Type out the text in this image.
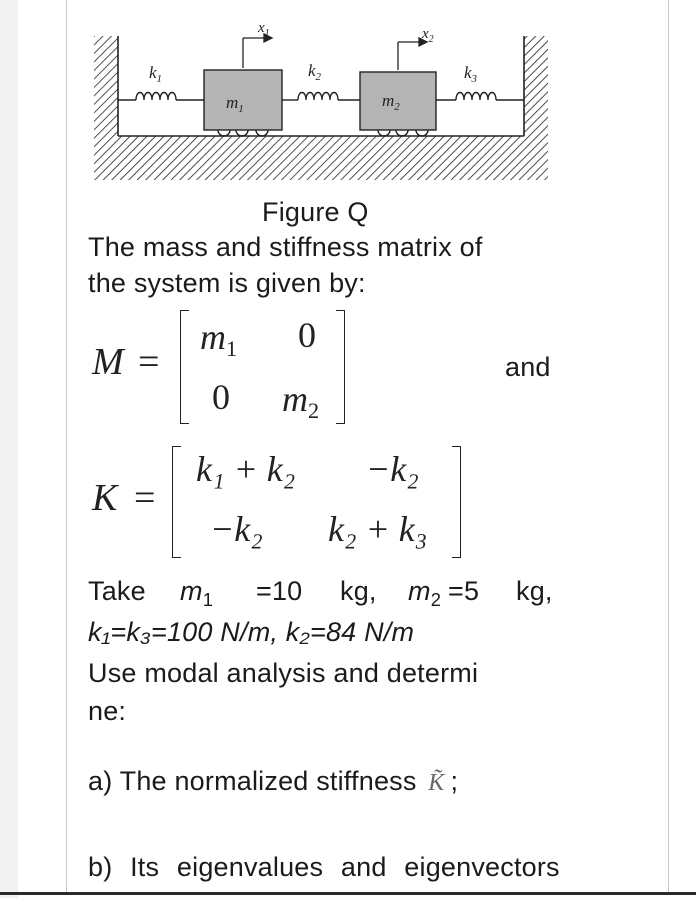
$k_1$
$m_1$
$x_1$
$k_2$
$m_2$
$x_2$
$k_3$
Figure Q
The mass and stiffness matrix of
the system is given by:
M =
m1 0
0 m2
and
K =
k₁ + k₂ −k₂
−k₂ k₂ + k₃
Take $m_1 =10$ kg, $m_2 =5$ kg,
k₁=k₃=100 N/m, k₂=84 N/m
Use modal analysis and determi
ne:
a) The normalized stiffness K̃ ;
b) Its eigenvalues and eigenvectors
